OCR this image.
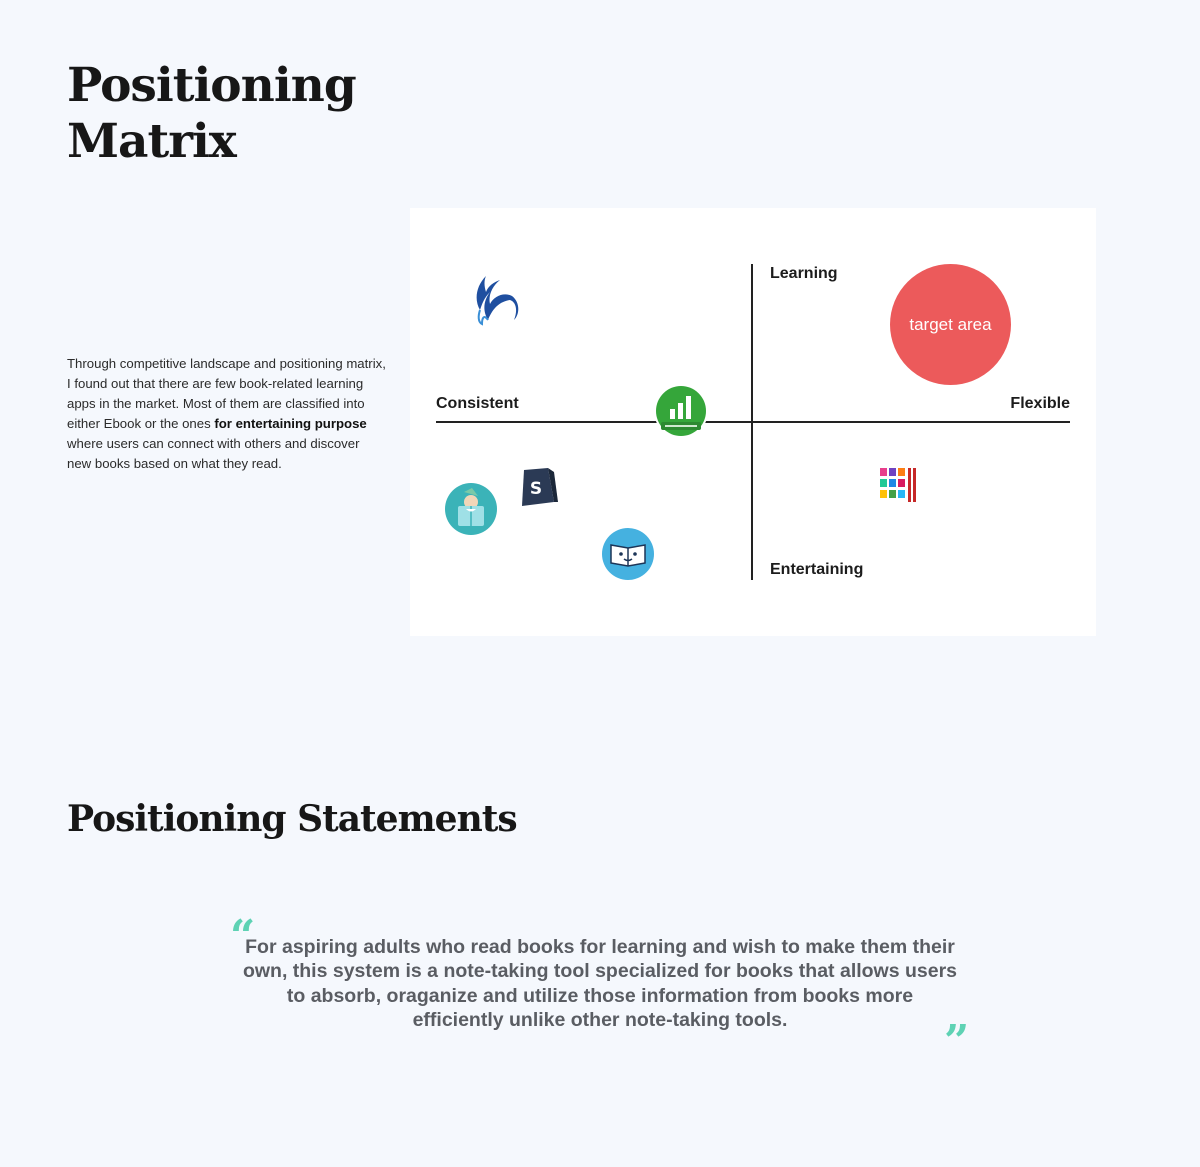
Positioning
Matrix

Through competitive landscape and positioning matrix, I found out that there are few book-related learning apps in the market. Most of them are classified into either Ebook or the ones for entertaining purpose where users can connect with others and discover new books based on what they read.

Learning
Entertaining
Consistent	Flexible
target area
S
Positioning Statements
“

For aspiring adults who read books for learning and wish to make them their own, this system is a note-taking tool specialized for books that allows users to absorb, oraganize and utilize those information from books more efficiently unlike other note-taking tools.	”
